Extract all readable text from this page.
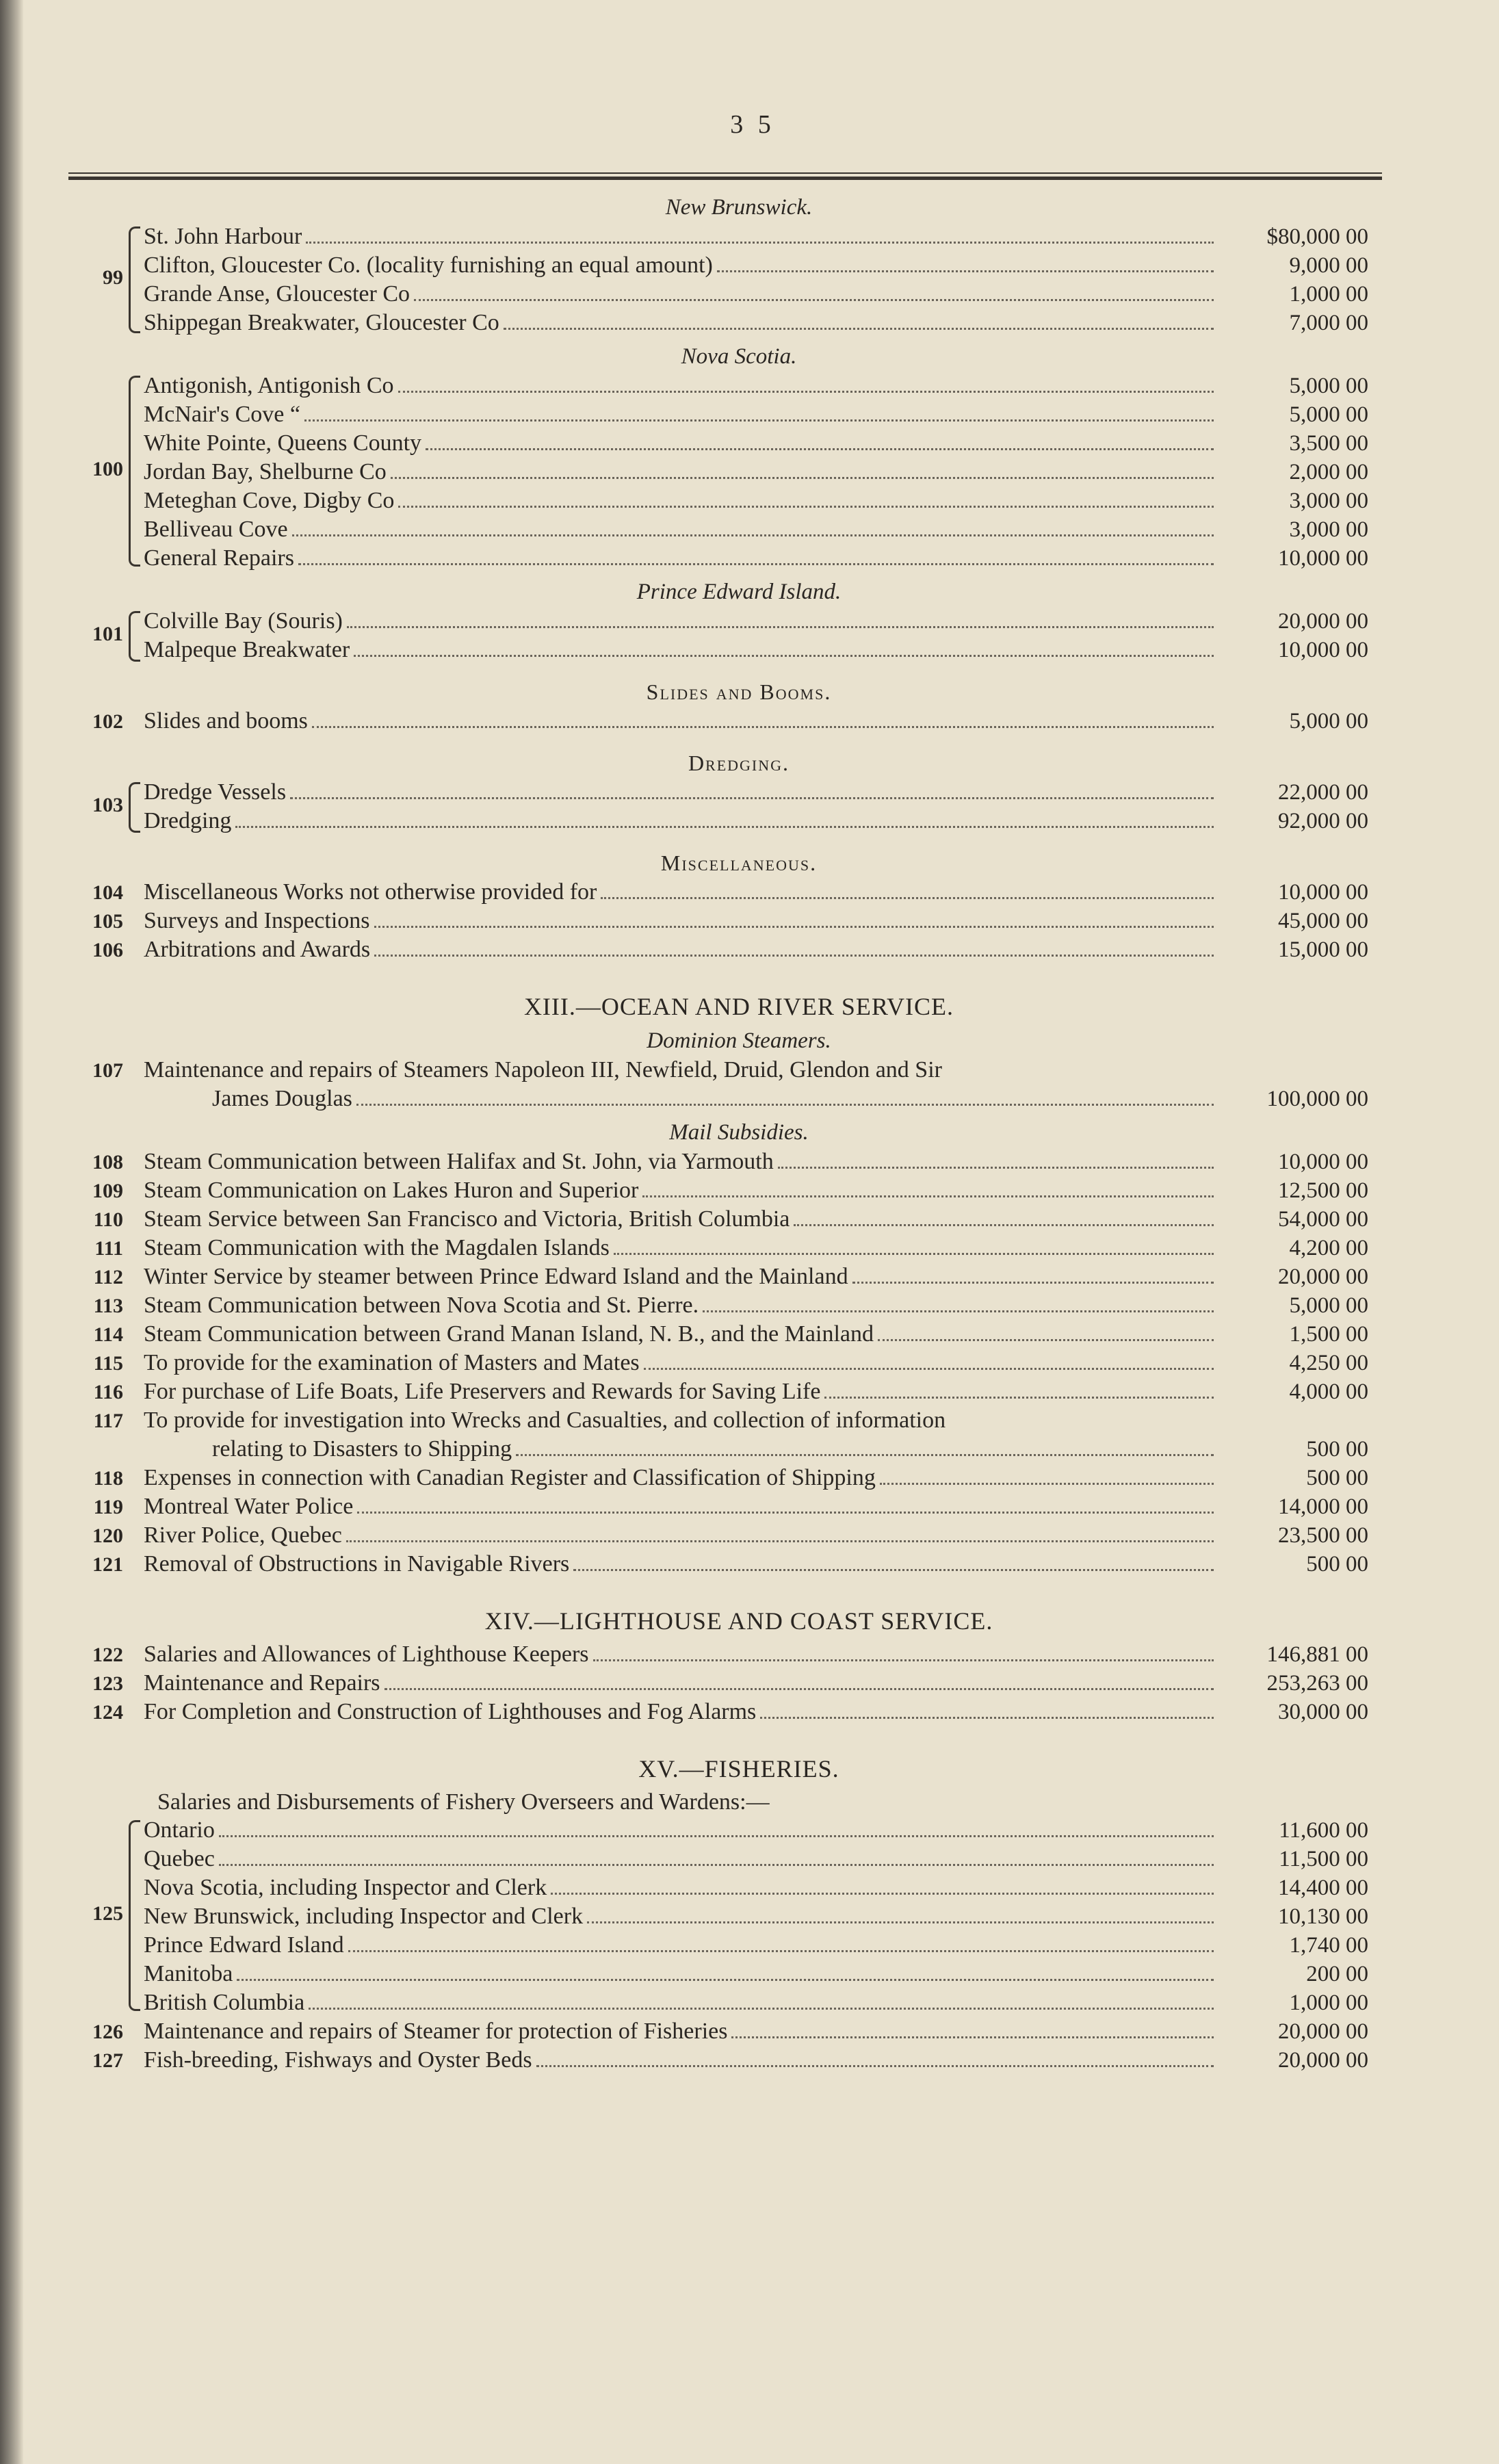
3 5
New Brunswick.
99
St. John Harbour	$80,000 00
Clifton, Gloucester Co. (locality furnishing an equal amount)	9,000 00
Grande Anse, Gloucester Co	1,000 00
Shippegan Breakwater, Gloucester Co	7,000 00
Nova Scotia.
100
Antigonish, Antigonish Co	5,000 00
McNair's Cove “	5,000 00
White Pointe, Queens County	3,500 00
Jordan Bay, Shelburne Co	2,000 00
Meteghan Cove, Digby Co	3,000 00
Belliveau Cove	3,000 00
General Repairs	10,000 00
Prince Edward Island.
101
Colville Bay (Souris)	20,000 00
Malpeque Breakwater	10,000 00
Slides and Booms.
102 Slides and booms	5,000 00
Dredging.
103
Dredge Vessels	22,000 00
Dredging	92,000 00
Miscellaneous.
104 Miscellaneous Works not otherwise provided for	10,000 00
105 Surveys and Inspections	45,000 00
106 Arbitrations and Awards	15,000 00
XIII.—OCEAN AND RIVER SERVICE.
Dominion Steamers.
107 Maintenance and repairs of Steamers Napoleon III, Newfield, Druid, Glendon and Sir
James Douglas	100,000 00
Mail Subsidies.
108 Steam Communication between Halifax and St. John, via Yarmouth	10,000 00
109 Steam Communication on Lakes Huron and Superior	12,500 00
110 Steam Service between San Francisco and Victoria, British Columbia	54,000 00
111 Steam Communication with the Magdalen Islands	4,200 00
112 Winter Service by steamer between Prince Edward Island and the Mainland	20,000 00
113 Steam Communication between Nova Scotia and St. Pierre.	5,000 00
114 Steam Communication between Grand Manan Island, N. B., and the Mainland	1,500 00
115 To provide for the examination of Masters and Mates	4,250 00
116 For purchase of Life Boats, Life Preservers and Rewards for Saving Life	4,000 00
117 To provide for investigation into Wrecks and Casualties, and collection of information
relating to Disasters to Shipping	500 00
118 Expenses in connection with Canadian Register and Classification of Shipping	500 00
119 Montreal Water Police	14,000 00
120 River Police, Quebec	23,500 00
121 Removal of Obstructions in Navigable Rivers	500 00
XIV.—LIGHTHOUSE AND COAST SERVICE.
122 Salaries and Allowances of Lighthouse Keepers	146,881 00
123 Maintenance and Repairs	253,263 00
124 For Completion and Construction of Lighthouses and Fog Alarms	30,000 00
XV.—FISHERIES.
Salaries and Disbursements of Fishery Overseers and Wardens:—
125
Ontario	11,600 00
Quebec	11,500 00
Nova Scotia, including Inspector and Clerk	14,400 00
New Brunswick, including Inspector and Clerk	10,130 00
Prince Edward Island	1,740 00
Manitoba	200 00
British Columbia	1,000 00
126 Maintenance and repairs of Steamer for protection of Fisheries	20,000 00
127 Fish-breeding, Fishways and Oyster Beds	20,000 00
